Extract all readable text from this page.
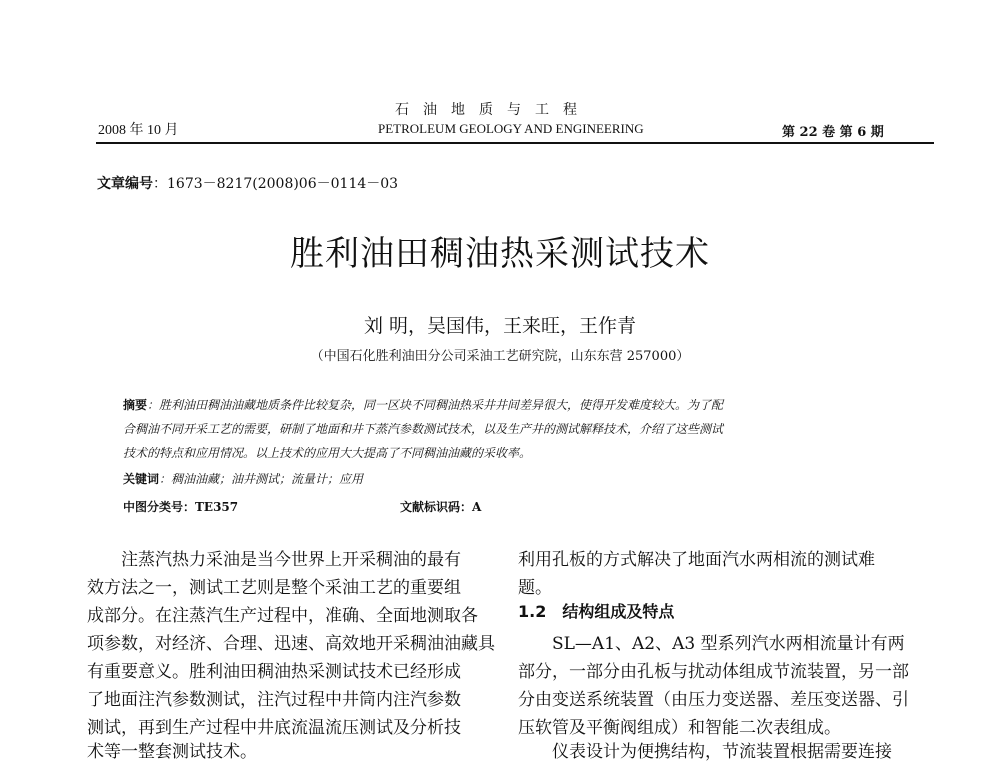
2008 年 10 月
石油地质与工程
PETROLEUM GEOLOGY AND ENGINEERING	第 22 卷 第 6 期
文章编号：1673－8217(2008)06－0114－03
胜利油田稠油热采测试技术
刘 明，吴国伟，王来旺，王作青
（中国石化胜利油田分公司采油工艺研究院，山东东营 257000）
摘要：胜利油田稠油油藏地质条件比较复杂，同一区块不同稠油热采井井间差异很大，使得开发难度较大。为了配
合稠油不同开采工艺的需要，研制了地面和井下蒸汽参数测试技术，以及生产井的测试解释技术，介绍了这些测试
技术的特点和应用情况。以上技术的应用大大提高了不同稠油油藏的采收率。
关键词：稠油油藏；油井测试；流量计；应用
中图分类号：TE357	文献标识码：A
　　注蒸汽热力采油是当今世界上开采稠油的最有
效方法之一，测试工艺则是整个采油工艺的重要组
成部分。在注蒸汽生产过程中，准确、全面地测取各
项参数，对经济、合理、迅速、高效地开采稠油油藏具
有重要意义。胜利油田稠油热采测试技术已经形成
了地面注汽参数测试，注汽过程中井筒内注汽参数
测试，再到生产过程中井底流温流压测试及分析技
术等一整套测试技术。
利用孔板的方式解决了地面汽水两相流的测试难
题。
1.2　结构组成及特点
　　SL—A1、A2、A3 型系列汽水两相流量计有两
部分，一部分由孔板与扰动体组成节流装置，另一部
分由变送系统装置（由压力变送器、差压变送器、引
压软管及平衡阀组成）和智能二次表组成。
　　仪表设计为便携结构，节流装置根据需要连接
